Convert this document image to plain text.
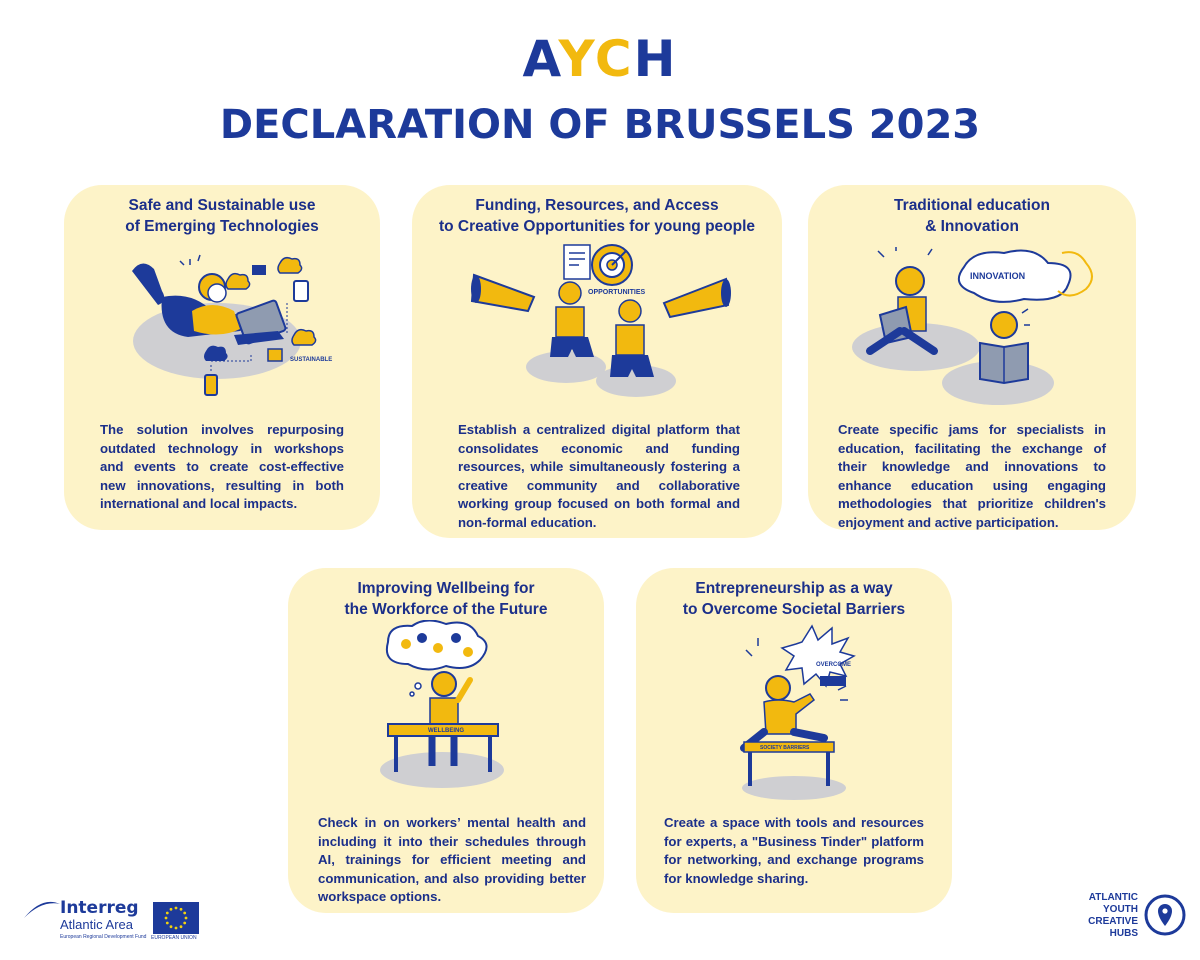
AYCH
DECLARATION OF BRUSSELS 2023
Safe and Sustainable use
of Emerging Technologies
SUSTAINABLE
The solution involves repurposing outdated technology in workshops and events to create cost-effective new innovations, resulting in both international and local impacts.
Funding, Resources, and Access
to Creative Opportunities for young people
OPPORTUNITIES
Establish a centralized digital platform that consolidates economic and funding resources, while simultaneously fostering a creative community and collaborative working group focused on both formal and non-formal education.
Traditional education
& Innovation
INNOVATION
Create specific jams for specialists in education, facilitating the exchange of their knowledge and innovations to enhance education using engaging methodologies that prioritize children's enjoyment and active participation.
Improving Wellbeing for
the Workforce of the Future
WELLBEING
Check in on workers’ mental health and including it into their schedules through AI, trainings for efficient meeting and communication, and also providing better workspace options.
Entrepreneurship as a way
to Overcome Societal Barriers
OVERCOME
SOCIETY BARRIERS
Create a space with tools and resources for experts, a "Business Tinder" platform for networking, and exchange programs for knowledge sharing.
Interreg
Atlantic Area
European Regional Development Fund EUROPEAN UNION
ATLANTIC
YOUTH
CREATIVE
HUBS
